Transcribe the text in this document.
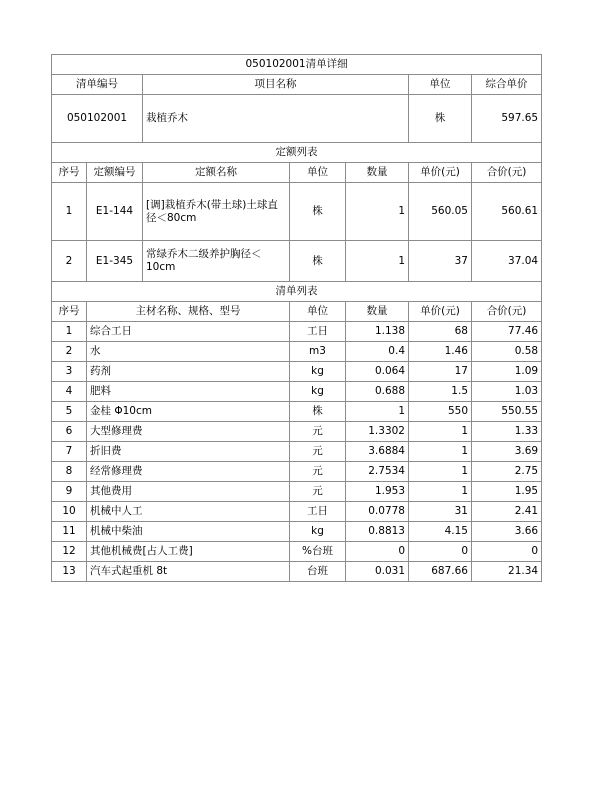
050102001清单详细						
清单编号		项目名称			单位	综合单价
050102001		栽植乔木			株	597.65
定额列表						
序号	定额编号	定额名称	单位	数量	单价(元)	合价(元)
1	E1-144	[调]栽植乔木(带土球)土球直径＜80cm	株	1	560.05	560.61
2	E1-345	常绿乔木二级养护胸径＜10cm	株	1	37	37.04
清单列表						
序号	主材名称、规格、型号		单位	数量	单价(元)	合价(元)
1	综合工日		工日	1.138	68	77.46
2	水		m3	0.4	1.46	0.58
3	药剂		kg	0.064	17	1.09
4	肥料		kg	0.688	1.5	1.03
5	金桂 Φ10cm		株	1	550	550.55
6	大型修理费		元	1.3302	1	1.33
7	折旧费		元	3.6884	1	3.69
8	经常修理费		元	2.7534	1	2.75
9	其他费用		元	1.953	1	1.95
10	机械中人工		工日	0.0778	31	2.41
11	机械中柴油		kg	0.8813	4.15	3.66
12	其他机械费[占人工费]		%台班	0	0	0
13	汽车式起重机 8t		台班	0.031	687.66	21.34
